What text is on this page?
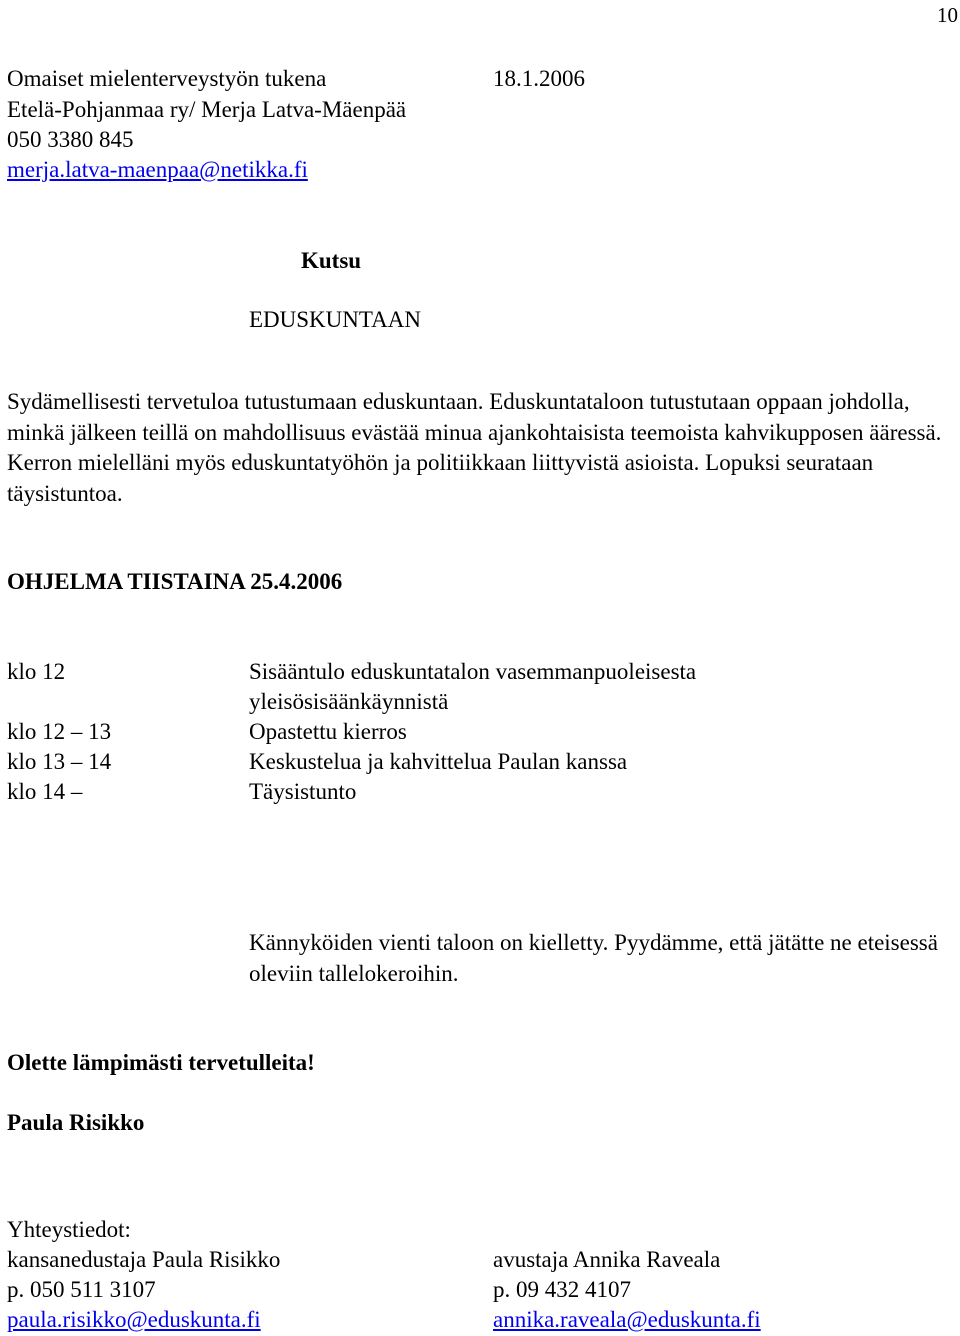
10
Omaiset mielenterveystyön tukena	18.1.2006
Etelä-Pohjanmaa ry/ Merja Latva-Mäenpää
050 3380 845
merja.latva-maenpaa@netikka.fi
Kutsu
EDUSKUNTAAN
Sydämellisesti tervetuloa tutustumaan eduskuntaan. Eduskuntataloon tutustutaan oppaan johdolla, minkä jälkeen teillä on mahdollisuus evästää minua ajankohtaisista teemoista kahvikupposen ääressä. Kerron mielelläni myös eduskuntatyöhön ja politiikkaan liittyvistä asioista. Lopuksi seurataan täysistuntoa.
OHJELMA TIISTAINA 25.4.2006
klo 12	Sisääntulo eduskuntatalon vasemmanpuoleisesta
yleisösisäänkäynnistä
klo 12 – 13	Opastettu kierros
klo 13 – 14	Keskustelua ja kahvittelua Paulan kanssa
klo 14 –	Täysistunto
Kännyköiden vienti taloon on kielletty. Pyydämme, että jätätte ne eteisessä oleviin tallelokeroihin.
Olette lämpimästi tervetulleita!
Paula Risikko
Yhteystiedot:
kansanedustaja Paula Risikko	avustaja Annika Raveala
p. 050 511 3107	p. 09 432 4107
paula.risikko@eduskunta.fi	annika.raveala@eduskunta.fi
